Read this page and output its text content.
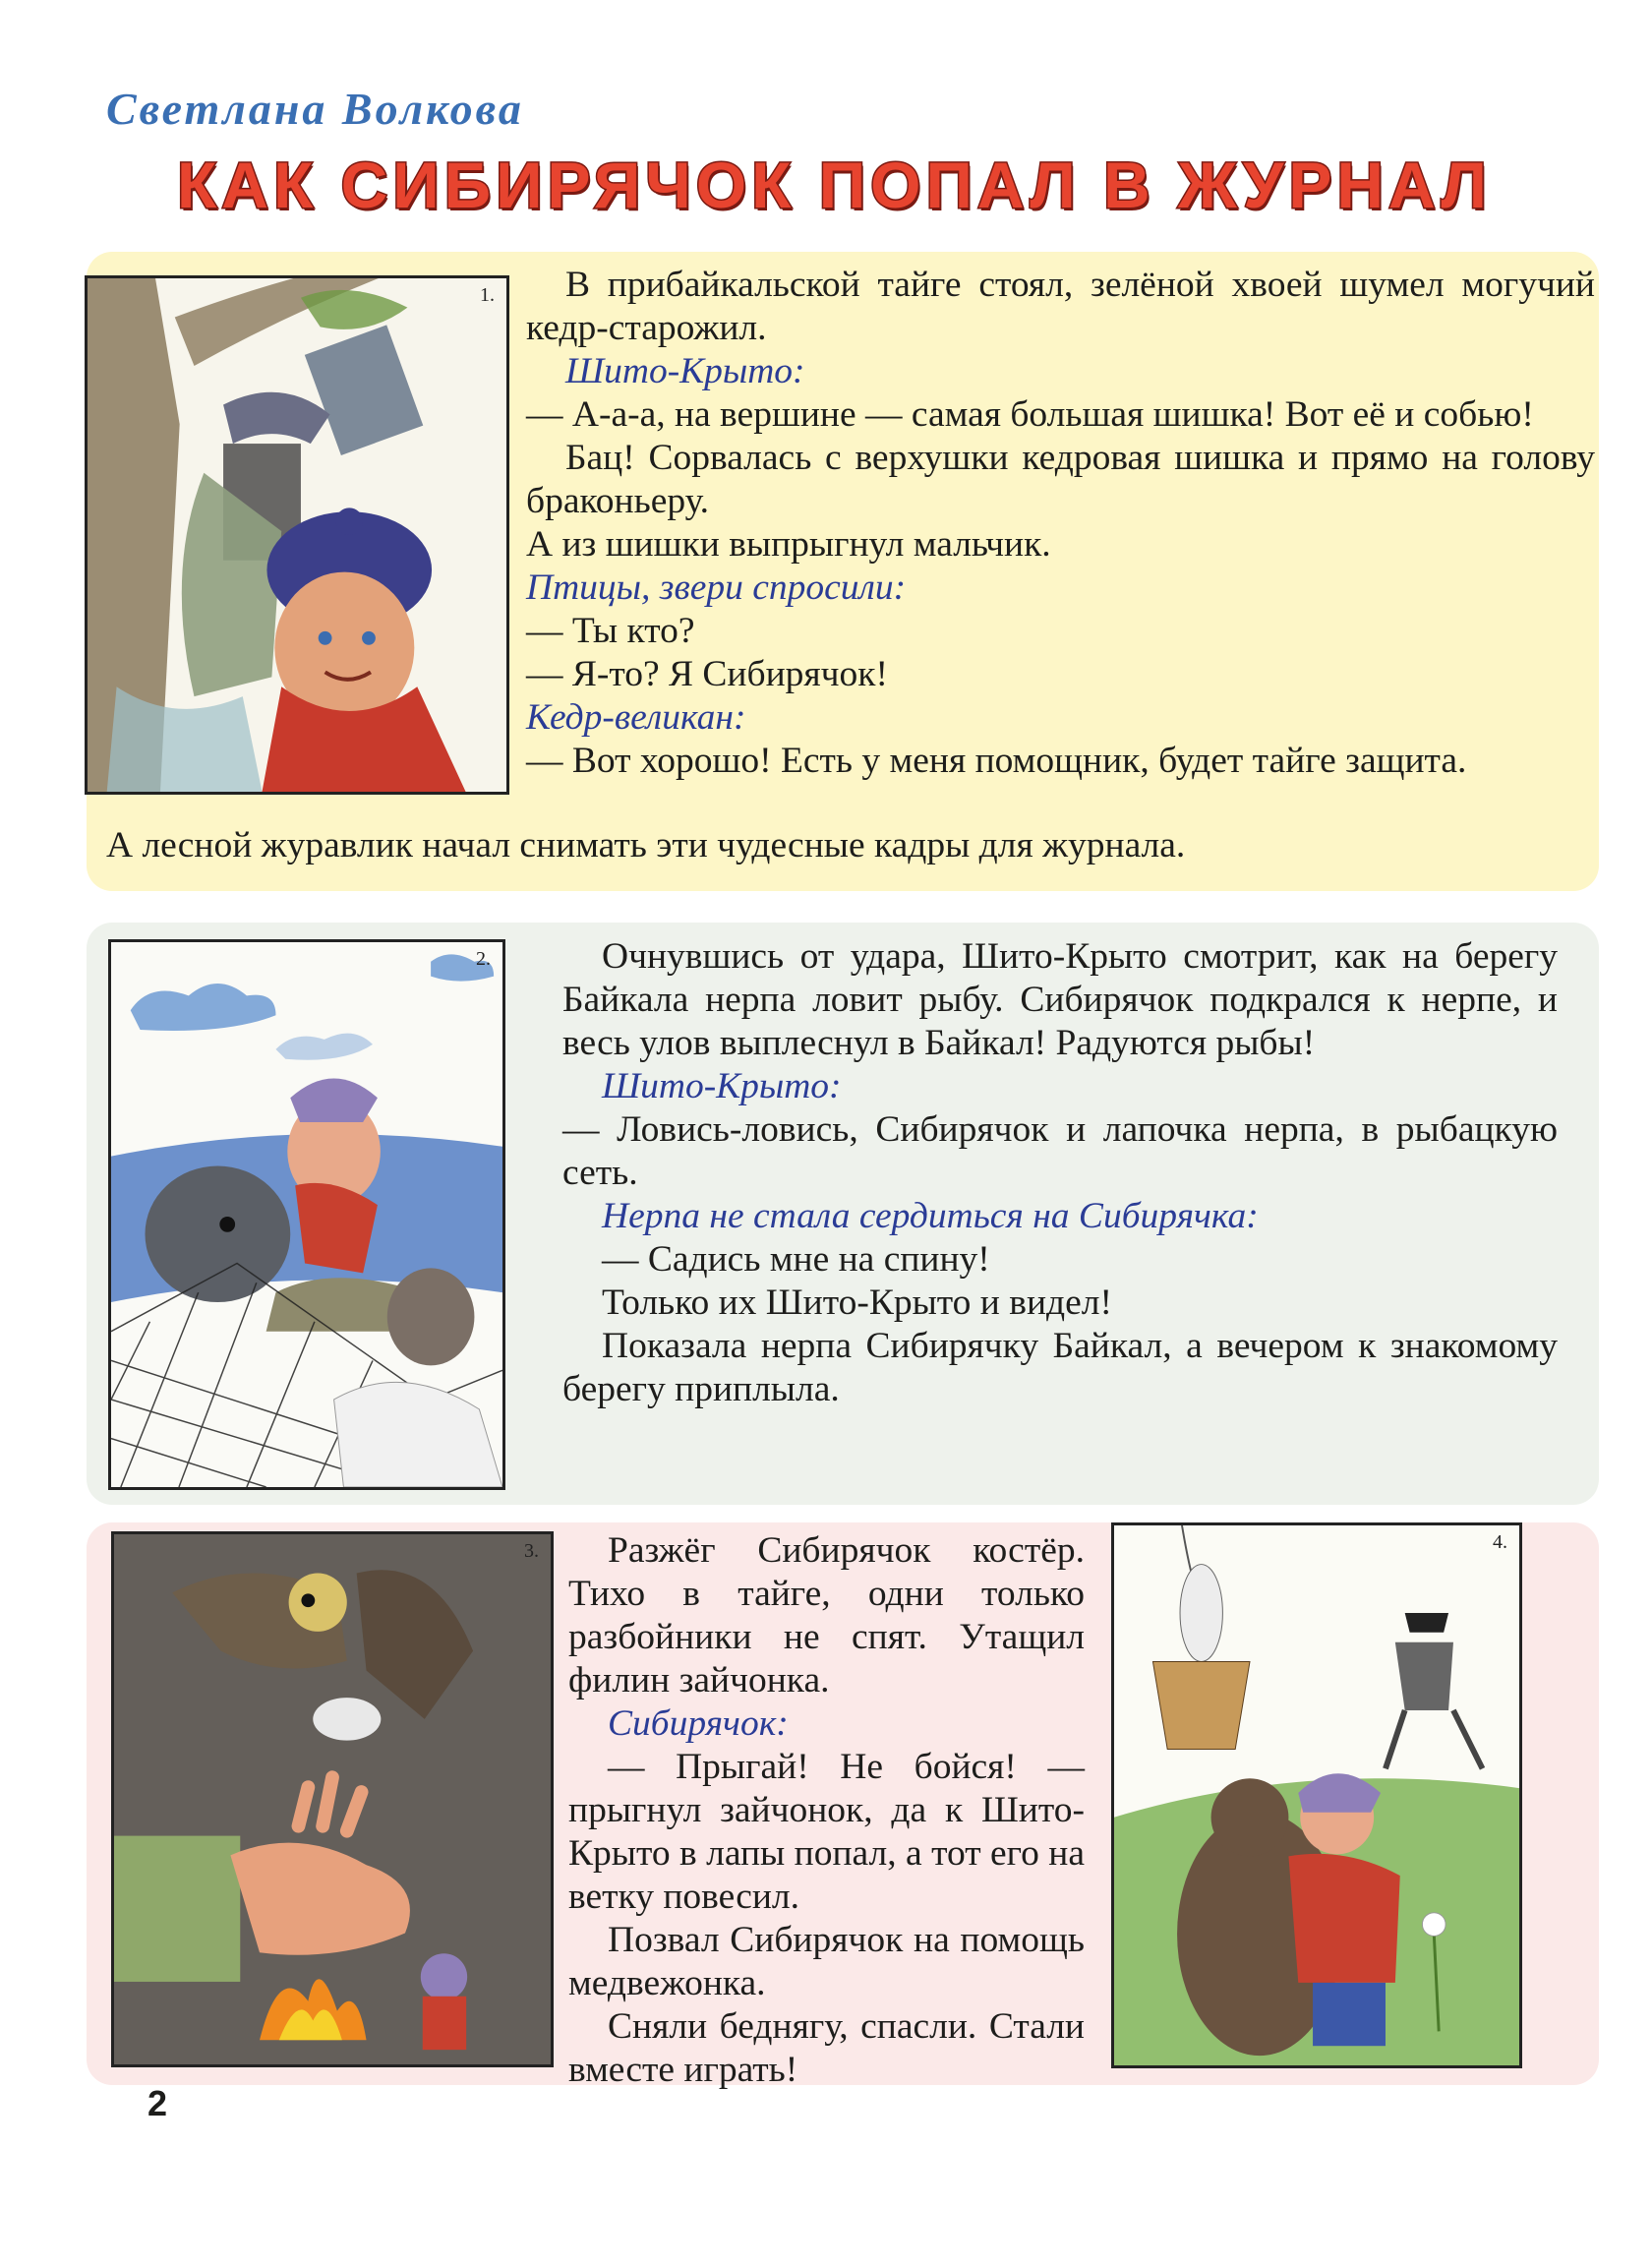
Светлана Волкова
КАК СИБИРЯЧОК ПОПАЛ В ЖУРНАЛ
1.	В прибайкальской тайге стоял, зелёной хвоей шумел могучий кедр-старожил.

Шито-Крыто:

— А-а-а, на вершине — самая большая шишка! Вот её и собью!

Бац! Сорвалась с верхушки кедровая шишка и прямо на голову браконьеру.

А из шишки выпрыгнул мальчик.

Птицы, звери спросили:

— Ты кто?

— Я-то? Я Сибирячок!

Кедр-великан:

— Вот хорошо! Есть у меня помощник, будет тайге защита.

А лесной журавлик начал снимать эти чудесные кадры для журнала.
2.	Очнувшись от удара, Шито-Крыто смотрит, как на берегу Байкала нерпа ловит рыбу. Сибирячок подкрался к нерпе, и весь улов выплеснул в Байкал! Радуются рыбы!

Шито-Крыто:

— Ловись-ловись, Сибирячок и лапочка нерпа, в рыбацкую сеть.

Нерпа не стала сердиться на Сибирячка:

— Садись мне на спину!

Только их Шито-Крыто и видел!

Показала нерпа Сибирячку Байкал, а вечером к знакомому берегу приплыла.

3.	Разжёг Сибирячок костёр. Тихо в тайге, одни только разбойники не спят. Утащил филин зайчонка.

Сибирячок:

— Прыгай! Не бойся! — прыгнул зайчонок, да к Шито-Крыто в лапы попал, а тот его на ветку повесил.

Позвал Сибирячок на помощь медвежонка.

Сняли беднягу, спасли. Стали вместе играть!

4.
2
